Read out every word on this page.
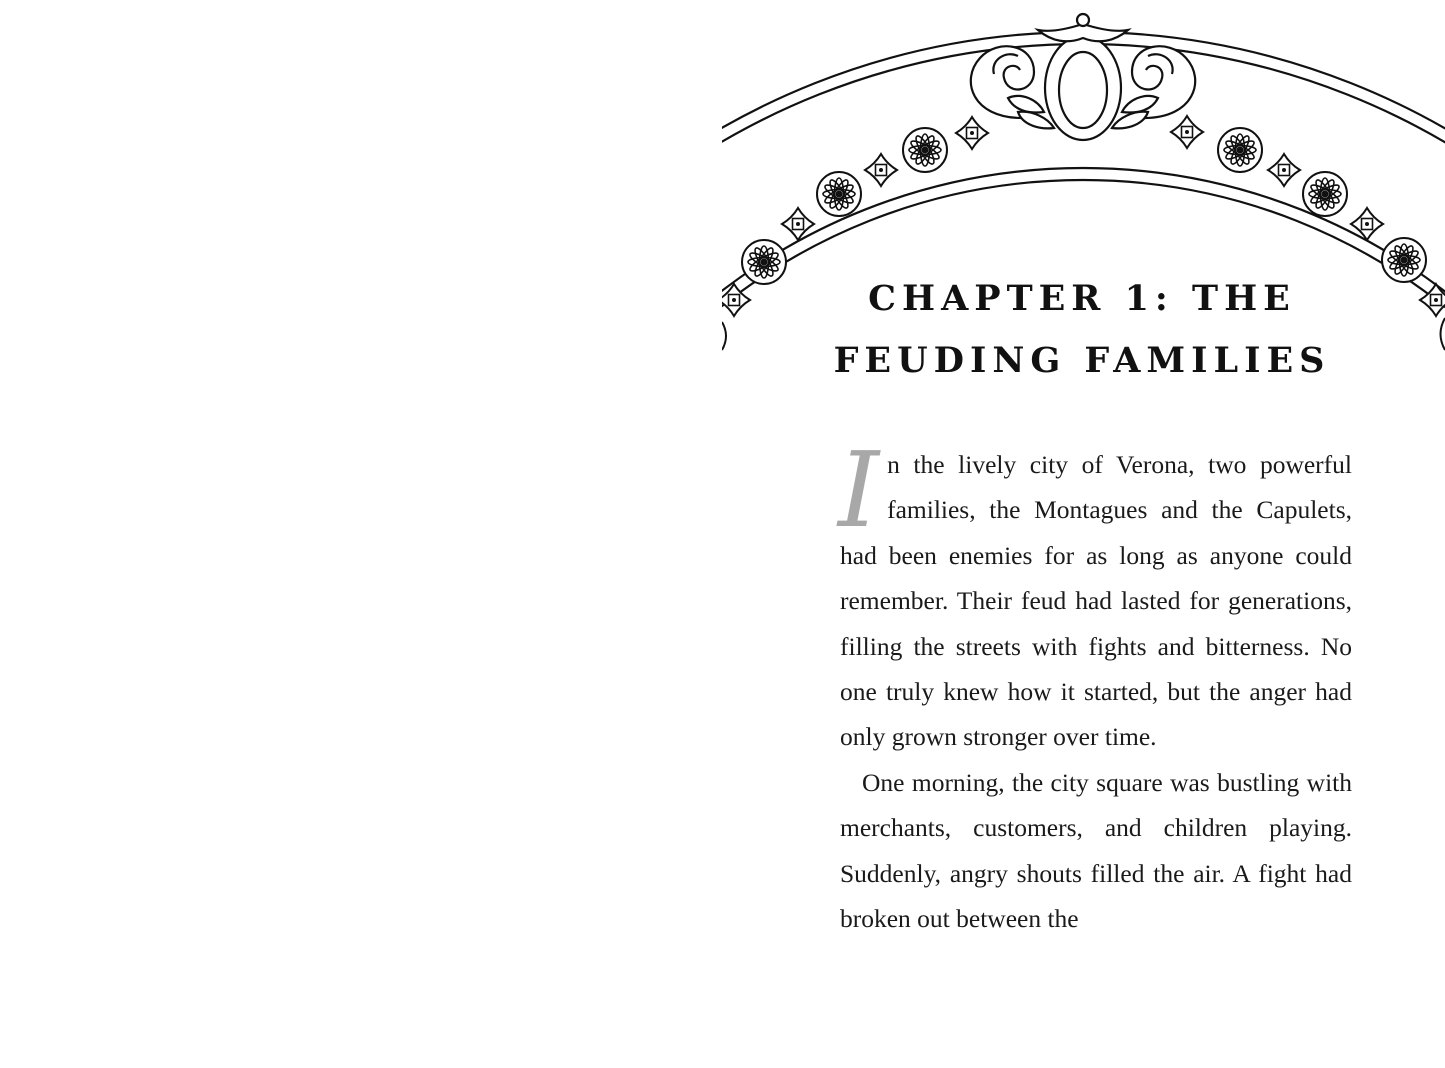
CHAPTER 1: THE
FEUDING FAMILIES

In the lively city of Verona, two powerful families, the Montagues and the Capulets, had been enemies for as long as anyone could remember. Their feud had lasted for generations, filling the streets with fights and bitterness. No one truly knew how it started, but the anger had only grown stronger over time.

One morning, the city square was bustling with merchants, customers, and children playing. Suddenly, angry shouts filled the air. A fight had broken out between the
